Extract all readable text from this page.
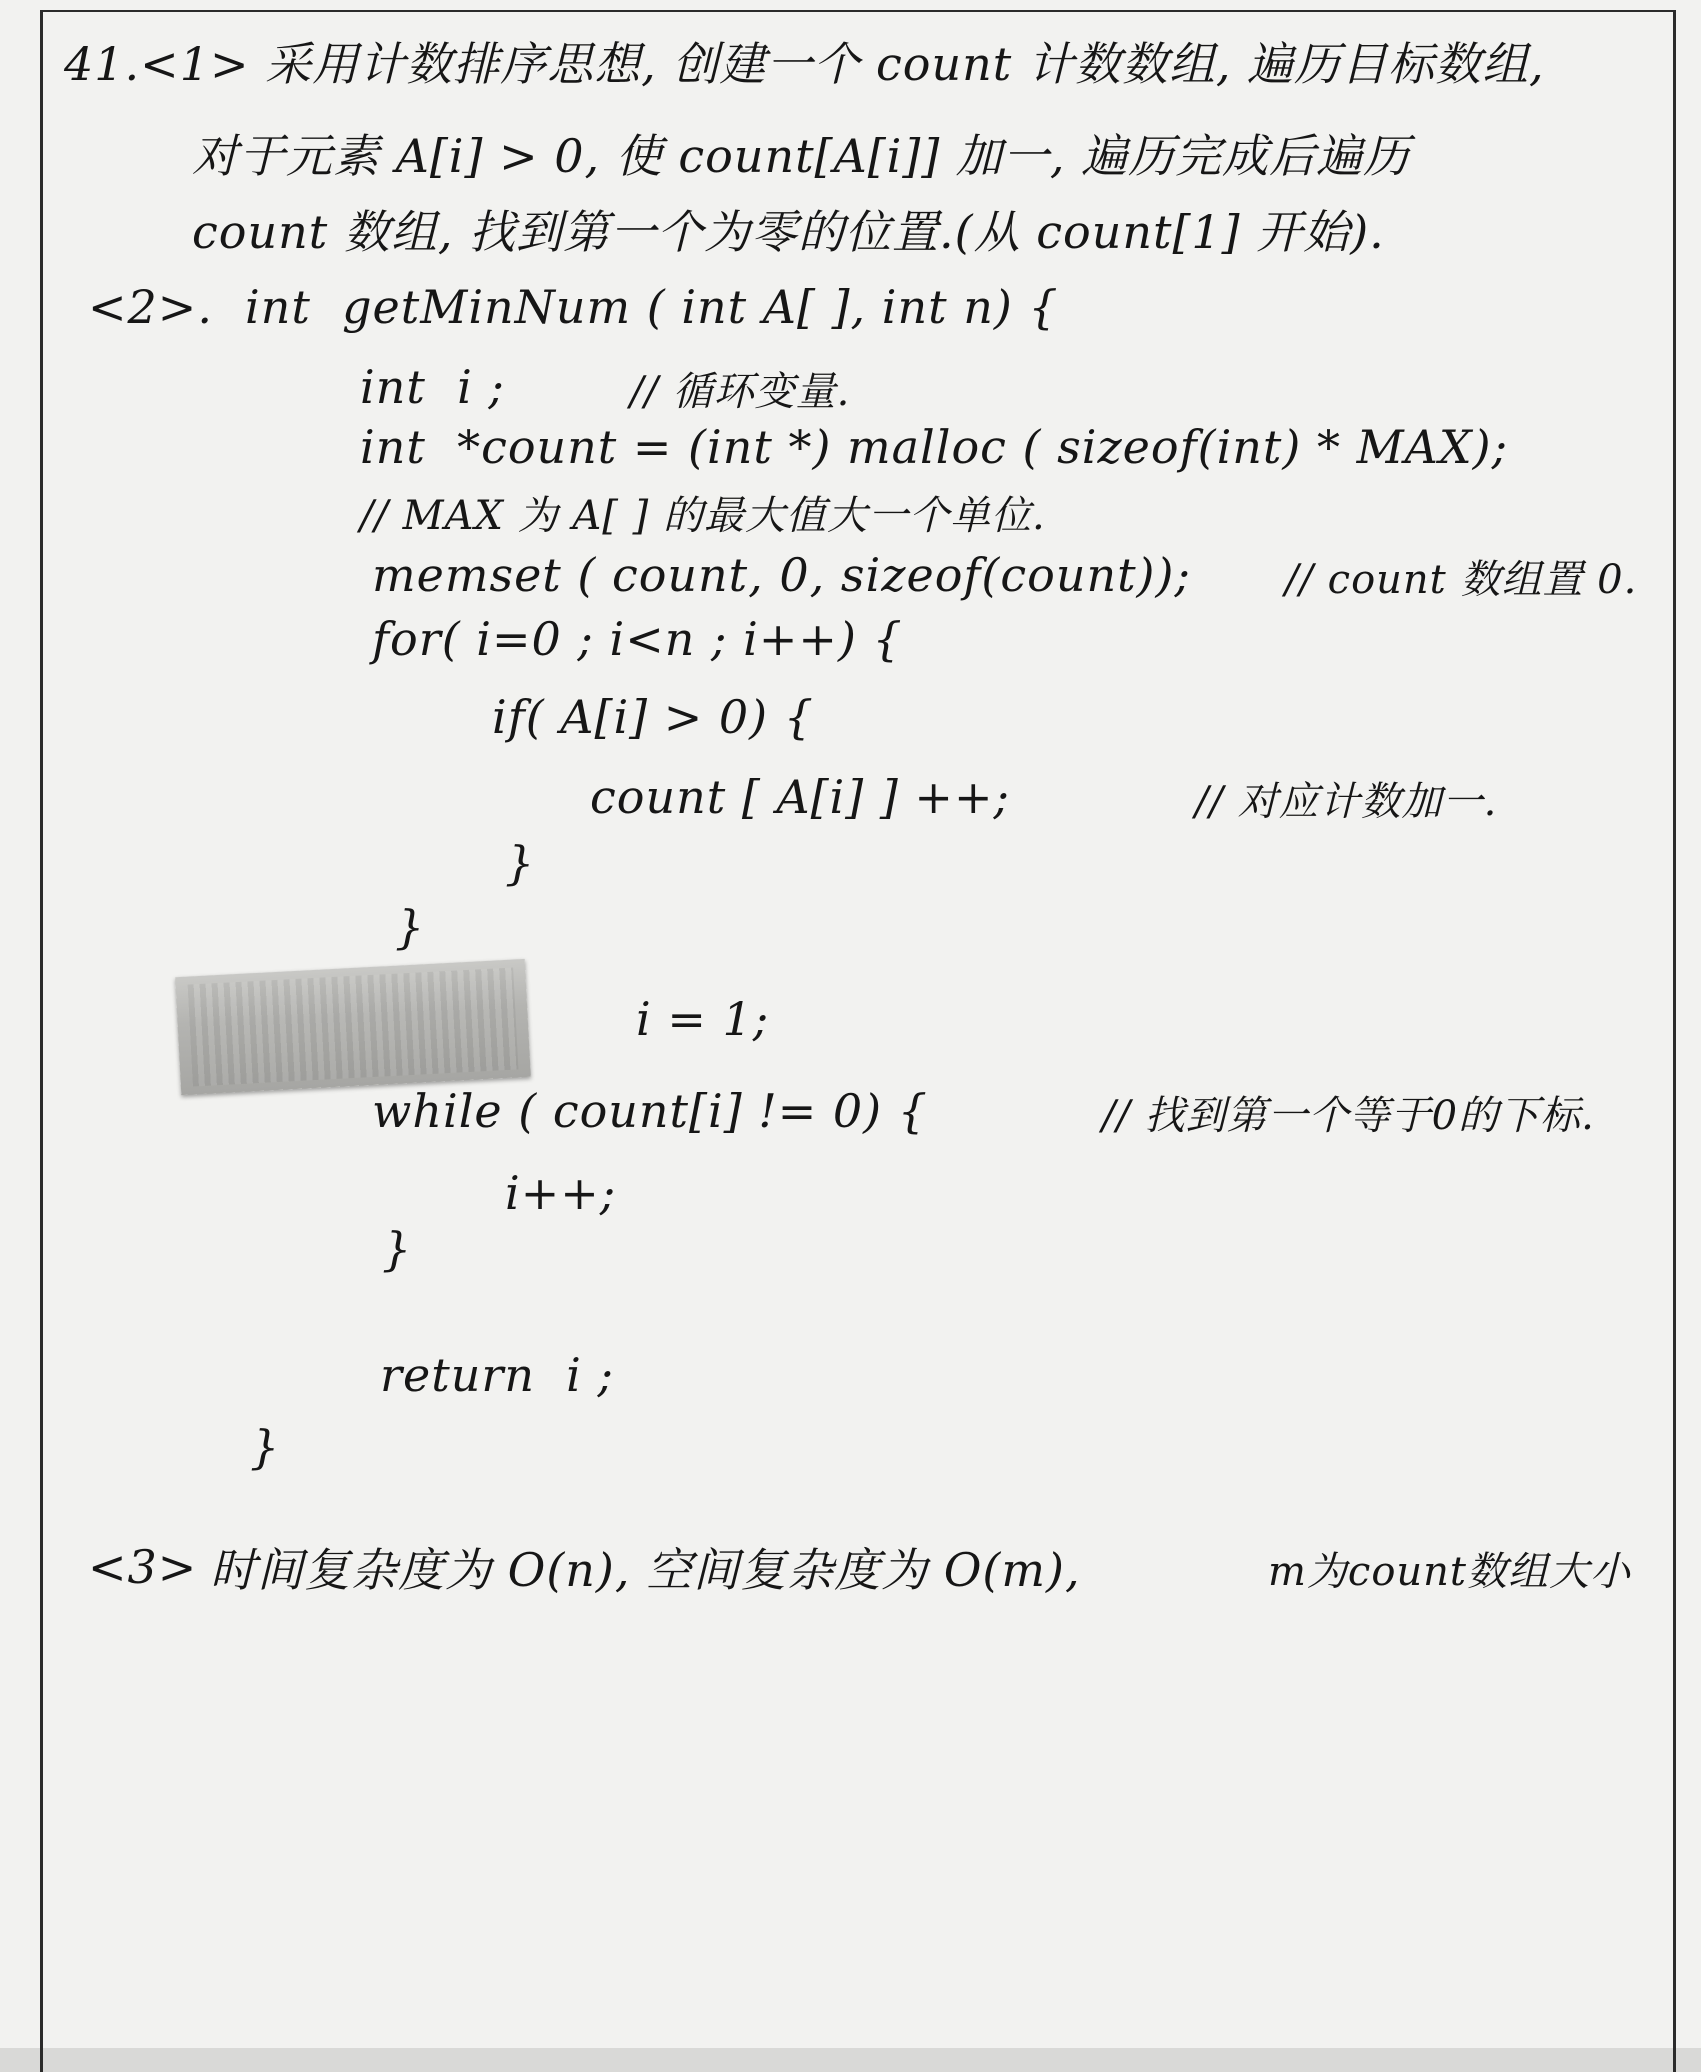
41.<1> 采用计数排序思想, 创建一个 count 计数数组, 遍历目标数组,
对于元素 A[i] > 0, 使 count[A[i]] 加一, 遍历完成后遍历
count 数组, 找到第一个为零的位置.(从 count[1] 开始).
<2>. int  getMinNum ( int A[ ], int n) {
int  i ;	// 循环变量.
int  *count = (int *) malloc ( sizeof(int) * MAX);
// MAX 为 A[ ] 的最大值大一个单位.
memset ( count, 0, sizeof(count)); // count 数组置 0.
for( i=0 ; i<n ; i++) {
if( A[i] > 0) {
count [ A[i] ] ++;	// 对应计数加一.
}
}
i = 1;
while ( count[i] != 0) {	// 找到第一个等于0的下标.
i++;
}
return  i ;
}
<3> 时间复杂度为 O(n), 空间复杂度为 O(m),	m为count数组大小
